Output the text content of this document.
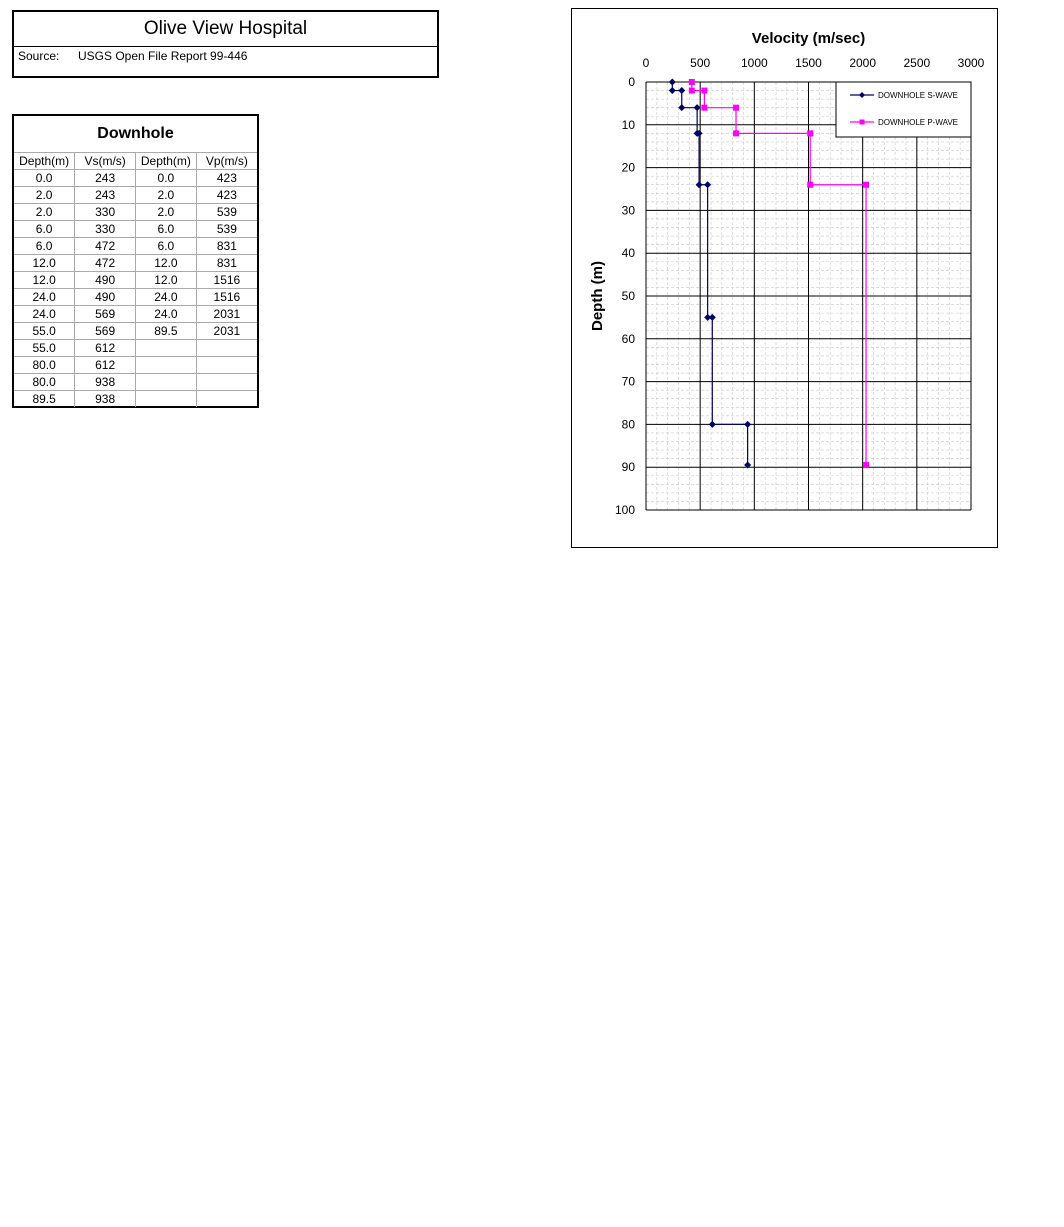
Olive View Hospital
Source: USGS Open File Report 99-446
Downhole
Depth(m)	Vs(m/s)	Depth(m)	Vp(m/s)
0.0	243	0.0	423
2.0	243	2.0	423
2.0	330	2.0	539
6.0	330	6.0	539
6.0	472	6.0	831
12.0	472	12.0	831
12.0	490	12.0	1516
24.0	490	24.0	1516
24.0	569	24.0	2031
55.0	569	89.5	2031
55.0	612		
80.0	612		
80.0	938		
89.5	938		
0	500	1000 1500 2000 2500 3000
0
10
20
30
40
50
60
70
80
90
100
Velocity (m/sec)
Depth (m)
DOWNHOLE S-WAVE
DOWNHOLE P-WAVE
